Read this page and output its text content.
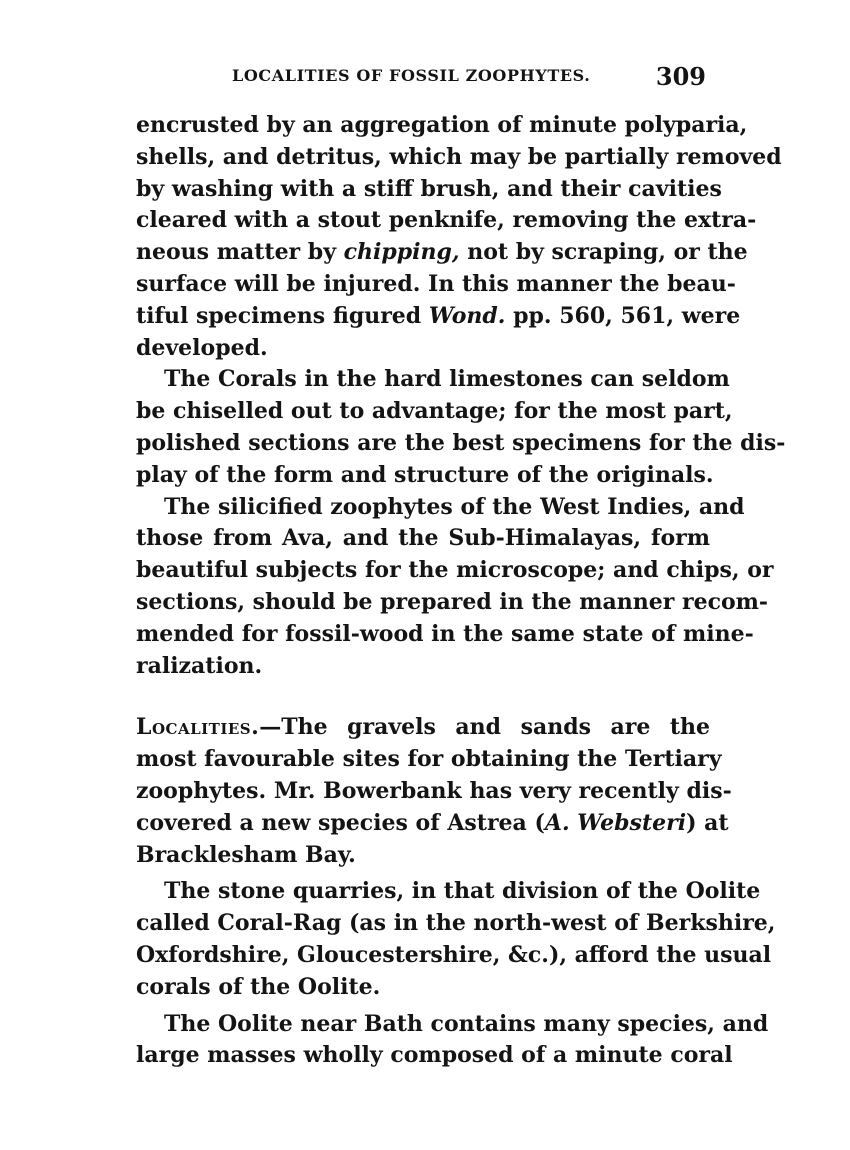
LOCALITIES OF FOSSIL ZOOPHYTES.	309
encrusted by an aggregation of minute polyparia,
shells, and detritus, which may be partially removed
by washing with a stiff brush, and their cavities
cleared with a stout penknife, removing the extra-
neous matter by chipping, not by scraping, or the
surface will be injured. In this manner the beau-
tiful specimens figured Wond. pp. 560, 561, were
developed.
The Corals in the hard limestones can seldom
be chiselled out to advantage; for the most part,
polished sections are the best specimens for the dis-
play of the form and structure of the originals.
The silicified zoophytes of the West Indies, and
those from Ava, and the Sub-Himalayas, form
beautiful subjects for the microscope; and chips, or
sections, should be prepared in the manner recom-
mended for fossil-wood in the same state of mine-
ralization.
Localities.—The gravels and sands are the
most favourable sites for obtaining the Tertiary
zoophytes. Mr. Bowerbank has very recently dis-
covered a new species of Astrea (A. Websteri) at
Bracklesham Bay.
The stone quarries, in that division of the Oolite
called Coral-Rag (as in the north-west of Berkshire,
Oxfordshire, Gloucestershire, &c.), afford the usual
corals of the Oolite.
The Oolite near Bath contains many species, and
large masses wholly composed of a minute coral
